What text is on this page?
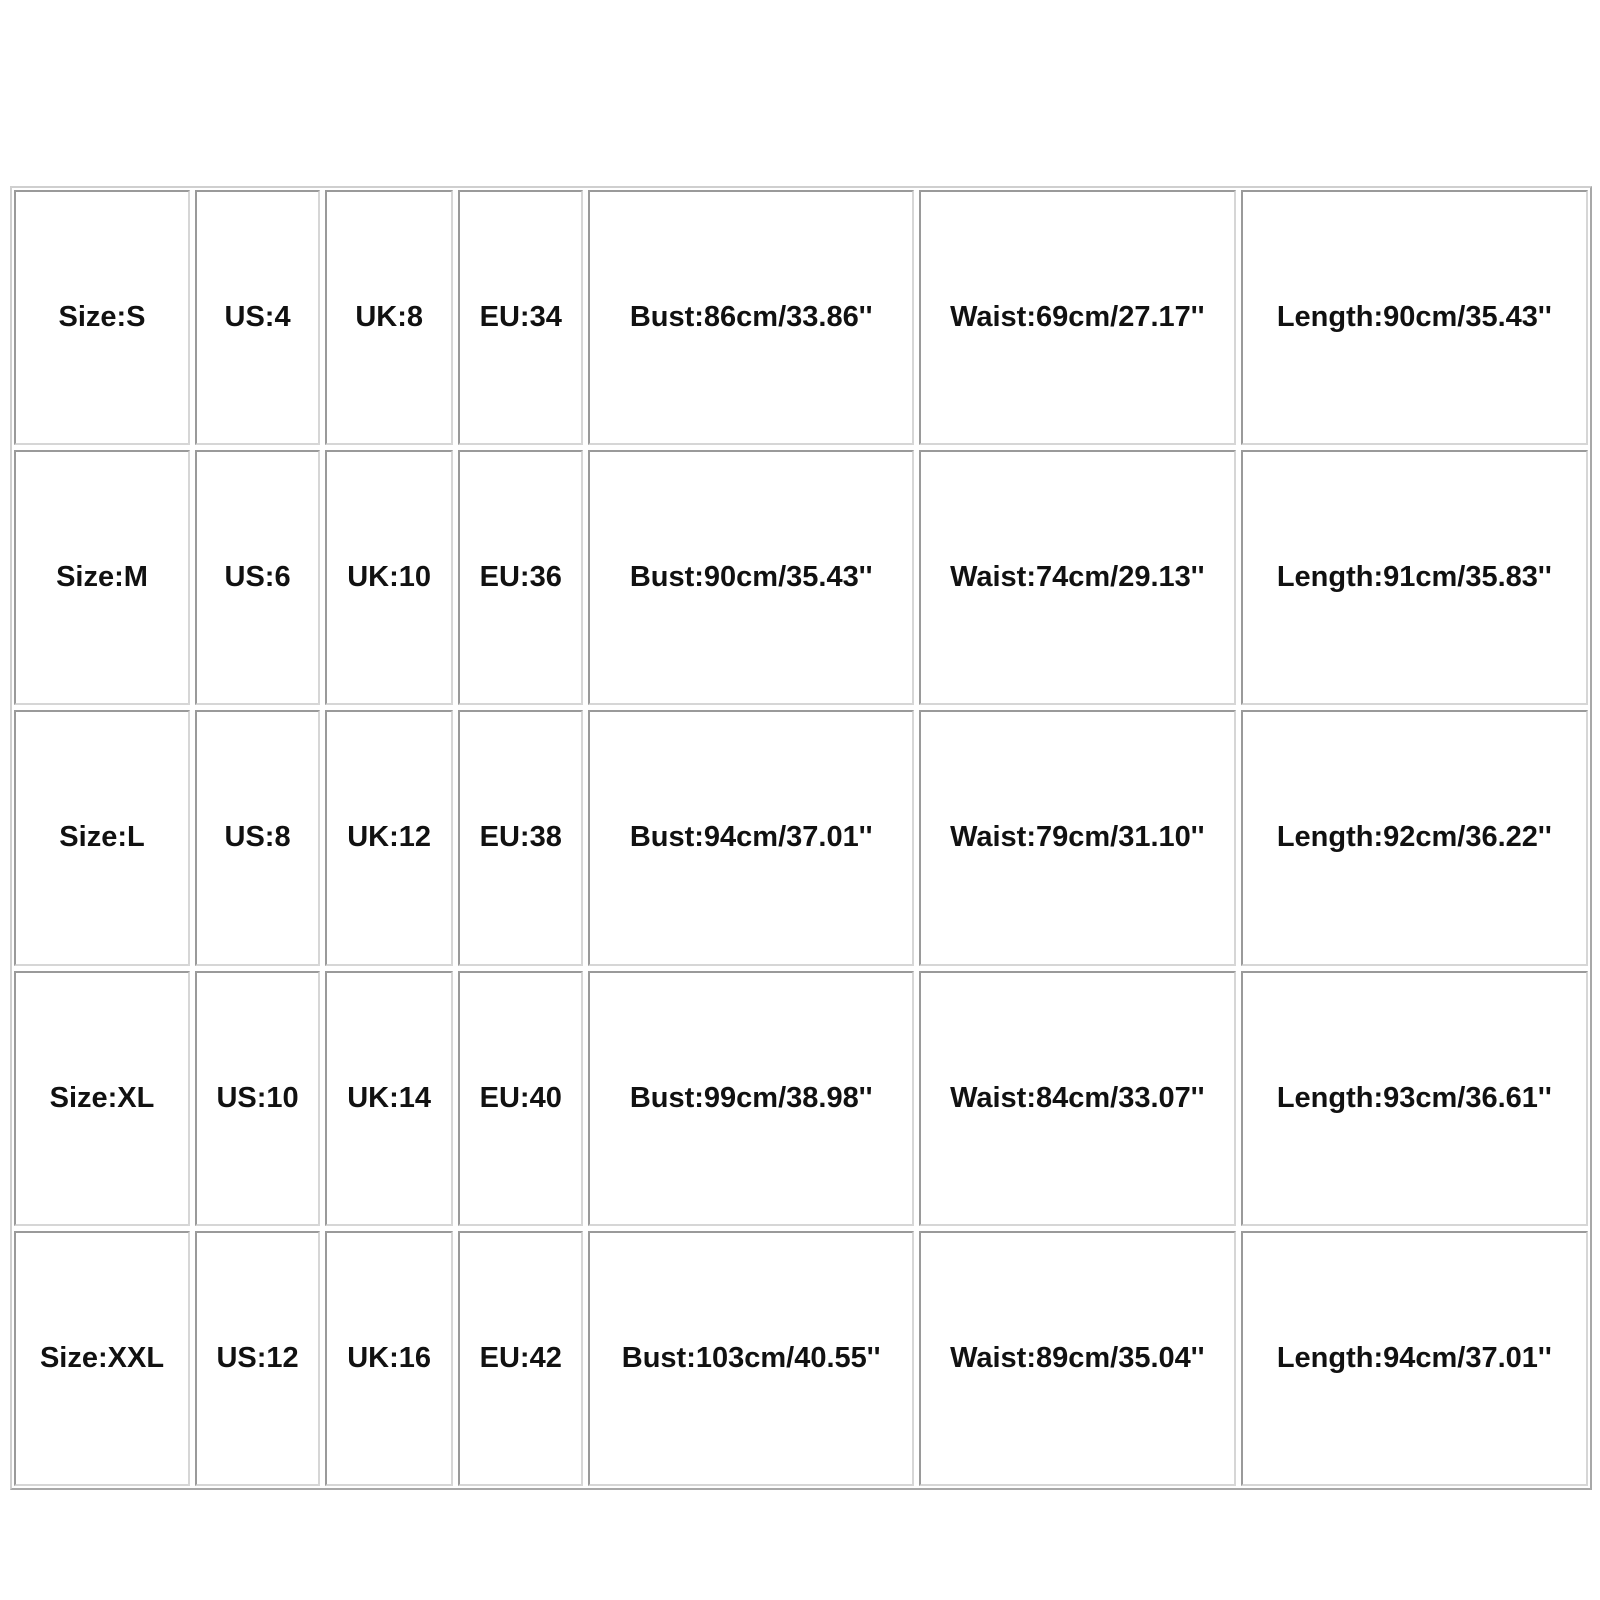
Size:S	US:4	UK:8	EU:34	Bust:86cm/33.86''	Waist:69cm/27.17''	Length:90cm/35.43''
Size:M	US:6	UK:10	EU:36	Bust:90cm/35.43''	Waist:74cm/29.13''	Length:91cm/35.83''
Size:L	US:8	UK:12	EU:38	Bust:94cm/37.01''	Waist:79cm/31.10''	Length:92cm/36.22''
Size:XL	US:10	UK:14	EU:40	Bust:99cm/38.98''	Waist:84cm/33.07''	Length:93cm/36.61''
Size:XXL	US:12	UK:16	EU:42	Bust:103cm/40.55''	Waist:89cm/35.04''	Length:94cm/37.01''
